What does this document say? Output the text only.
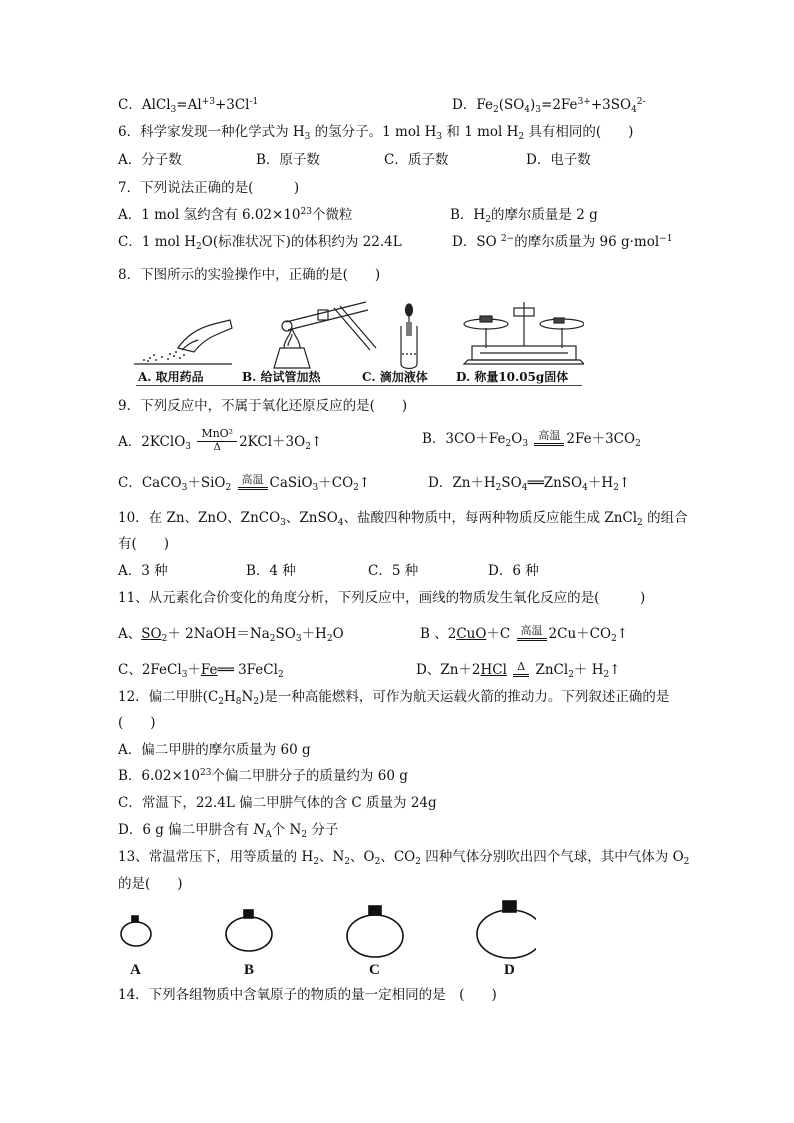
C．$AlCl_3=Al^{+3}+3Cl^{-1}$	D．$Fe_2(SO_4)_3=2Fe^{3+}+3SO_4^{2-}$
6．科学家发现一种化学式为 $H_3$ 的氢分子。1 mol $H_3$ 和 1 mol $H_2$ 具有相同的(　　)
A．分子数	B．原子数	C．质子数	D．电子数
7．下列说法正确的是(　　　)
A．1 mol 氢约含有 $6.02\times 10^{23}$个微粒	B．$H_2$的摩尔质量是 2 g
C．1 mol $H_2O$(标准状况下)的体积约为 22.4L	D．SO $^{2-}$的摩尔质量为 96 g·mol$^{-1}$
8．下图所示的实验操作中，正确的是(　　)
A. 取用药品	B. 给试管加热	C. 滴加液体 D. 称量10.05g固体
9．下列反应中，不属于氧化还原反应的是(　　)
A．2KClO$_3$
MnO²
Δ	$2KCl+3O_2↑$	B．$3CO+Fe_2O_3$
高温 $2Fe+3CO_2$
C．CaCO$_3$＋SiO$_2$
高温 $CaSiO_3+CO_2↑$	D．$Zn+H_2SO_4══ZnSO_4+H_2↑$
10．在 Zn、ZnO、ZnCO$_3$、ZnSO$_4$、盐酸四种物质中，每两种物质反应能生成 ZnCl$_2$ 的组合
有(　　)
A．3 种	B．4 种	C．5 种	D．6 种
11、从元素化合价变化的角度分析，下列反应中，画线的物质发生氧化反应的是(　　　)
A、$SO_2+$ $2NaOH=Na_2SO_3+H_2O$	B 、2CuO＋C 高温 $2Cu+CO_2↑$
C、2FeCl$_3$＋Fe══ 3FeCl$_2$	D、Zn＋2HCl Δ ZnCl$_2$＋ $H_2↑$
12．偏二甲肼$(C_2H_8N_2)$是一种高能燃料，可作为航天运载火箭的推动力。下列叙述正确的是
(　　)
A．偏二甲肼的摩尔质量为 60 g
B．$6.02\times 10^{23}$个偏二甲肼分子的质量约为 60 g
C．常温下，22.4L 偏二甲肼气体的含 C 质量为 24g
D．6 g 偏二甲肼含有 $N_A$个 $N_2$ 分子
13、常温常压下，用等质量的 $H_2$、$N_2$、$O_2$、$CO_2$ 四种气体分别吹出四个气球，其中气体为 $O_2$
的是(　　)
A	B	C	D
14．下列各组物质中含氧原子的物质的量一定相同的是　(　　)
